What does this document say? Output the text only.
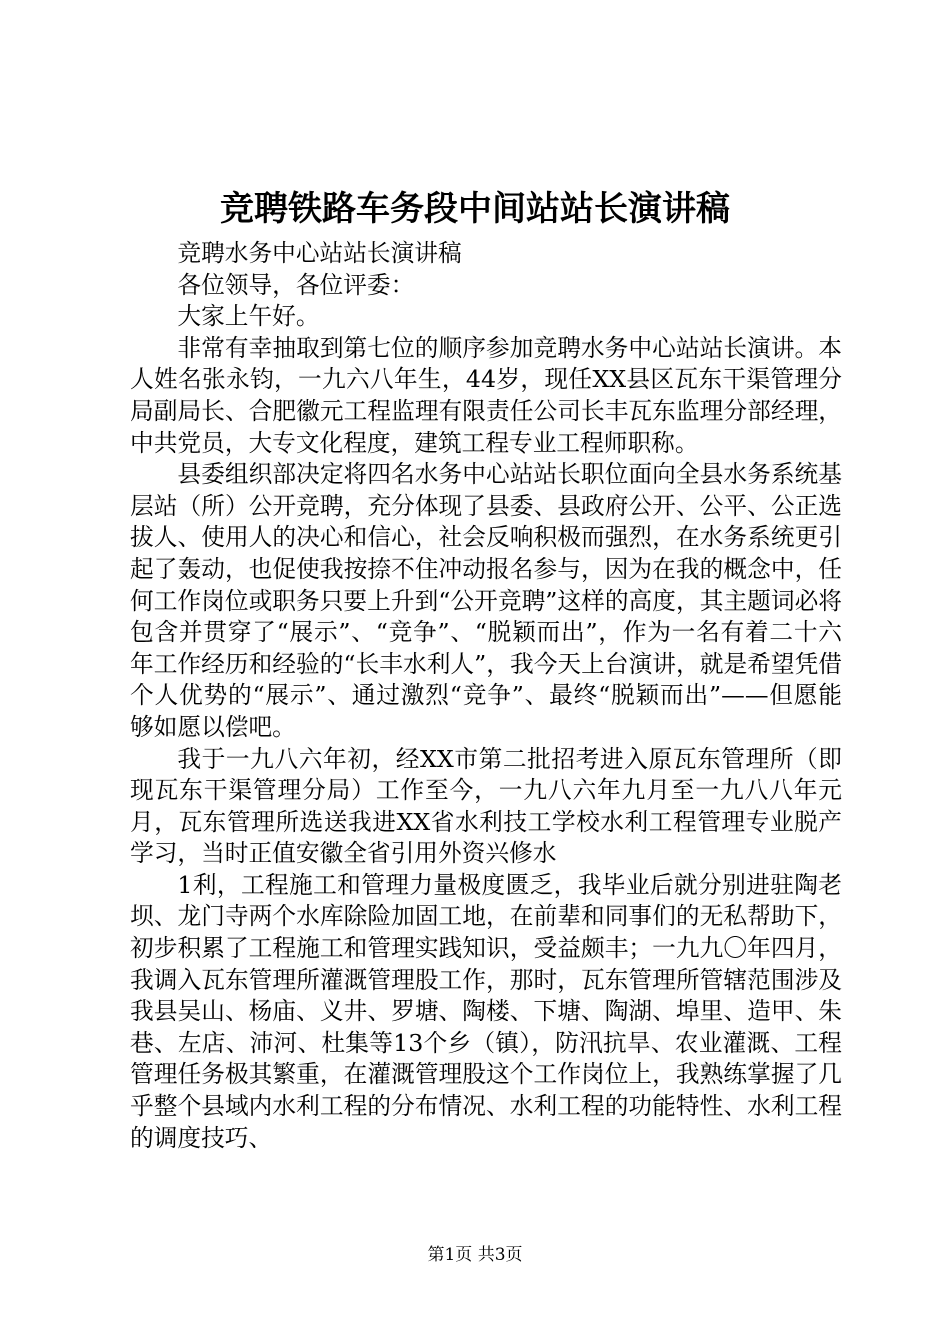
竞聘铁路车务段中间站站长演讲稿

竞聘水务中心站站长演讲稿

各位领导，各位评委：

大家上午好。

非常有幸抽取到第七位的顺序参加竞聘水务中心站站长演讲。本人姓名张永钧，一九六八年生，44岁，现任XX县区瓦东干渠管理分局副局长、合肥徽元工程监理有限责任公司长丰瓦东监理分部经理，中共党员，大专文化程度，建筑工程专业工程师职称。

县委组织部决定将四名水务中心站站长职位面向全县水务系统基层站（所）公开竞聘，充分体现了县委、县政府公开、公平、公正选拔人、使用人的决心和信心，社会反响积极而强烈，在水务系统更引起了轰动，也促使我按捺不住冲动报名参与，因为在我的概念中，任何工作岗位或职务只要上升到“公开竞聘”这样的高度，其主题词必将包含并贯穿了“展示”、“竞争”、“脱颖而出”，作为一名有着二十六年工作经历和经验的“长丰水利人”，我今天上台演讲，就是希望凭借个人优势的“展示”、通过激烈“竞争”、最终“脱颖而出”——但愿能够如愿以偿吧。

我于一九八六年初，经XX市第二批招考进入原瓦东管理所（即现瓦东干渠管理分局）工作至今，一九八六年九月至一九八八年元月，瓦东管理所选送我进XX省水利技工学校水利工程管理专业脱产学习，当时正值安徽全省引用外资兴修水

1利，工程施工和管理力量极度匮乏，我毕业后就分别进驻陶老坝、龙门寺两个水库除险加固工地，在前辈和同事们的无私帮助下，初步积累了工程施工和管理实践知识，受益颇丰；一九九〇年四月，我调入瓦东管理所灌溉管理股工作，那时，瓦东管理所管辖范围涉及我县吴山、杨庙、义井、罗塘、陶楼、下塘、陶湖、埠里、造甲、朱巷、左店、沛河、杜集等13个乡（镇），防汛抗旱、农业灌溉、工程管理任务极其繁重，在灌溉管理股这个工作岗位上，我熟练掌握了几乎整个县域内水利工程的分布情况、水利工程的功能特性、水利工程的调度技巧、

第1页 共3页
